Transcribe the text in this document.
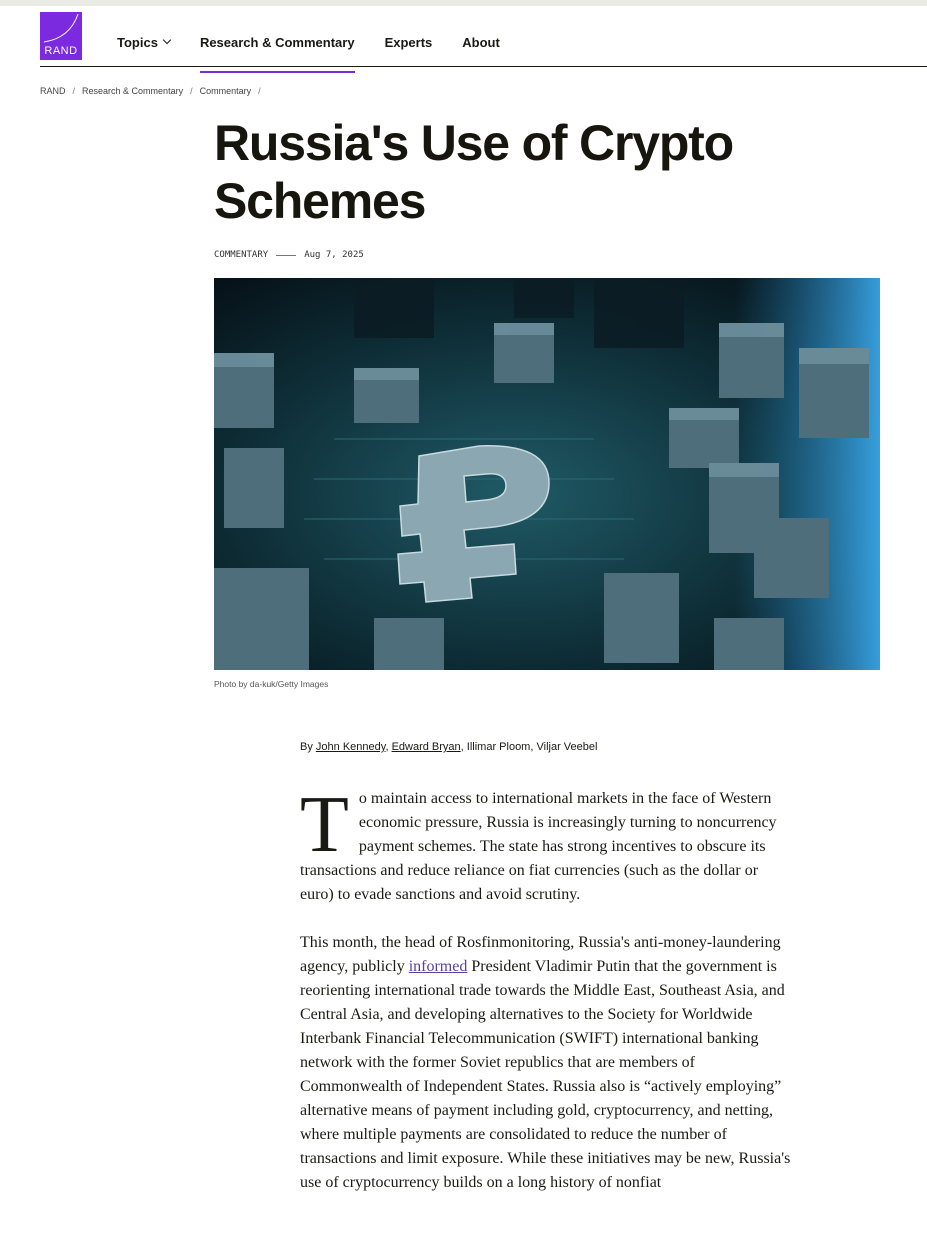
RAND
Topics	Research & Commentary Experts About
RAND / Research & Commentary / Commentary /
Russia's Use of Crypto Schemes
COMMENTARY	Aug 7, 2025
Photo by da-kuk/Getty Images
By John Kennedy, Edward Bryan, Illimar Ploom, Viljar Veebel

To maintain access to international markets in the face of Western economic pressure, Russia is increasingly turning to noncurrency payment schemes. The state has strong incentives to obscure its transactions and reduce reliance on fiat currencies (such as the dollar or euro) to evade sanctions and avoid scrutiny.

This month, the head of Rosfinmonitoring, Russia's anti-money-laundering agency, publicly informed President Vladimir Putin that the government is reorienting international trade towards the Middle East, Southeast Asia, and Central Asia, and developing alternatives to the Society for Worldwide Interbank Financial Telecommunication (SWIFT) international banking network with the former Soviet republics that are members of Commonwealth of Independent States. Russia also is “actively employing” alternative means of payment including gold, cryptocurrency, and netting, where multiple payments are consolidated to reduce the number of transactions and limit exposure. While these initiatives may be new, Russia's use of cryptocurrency builds on a long history of nonfiat
